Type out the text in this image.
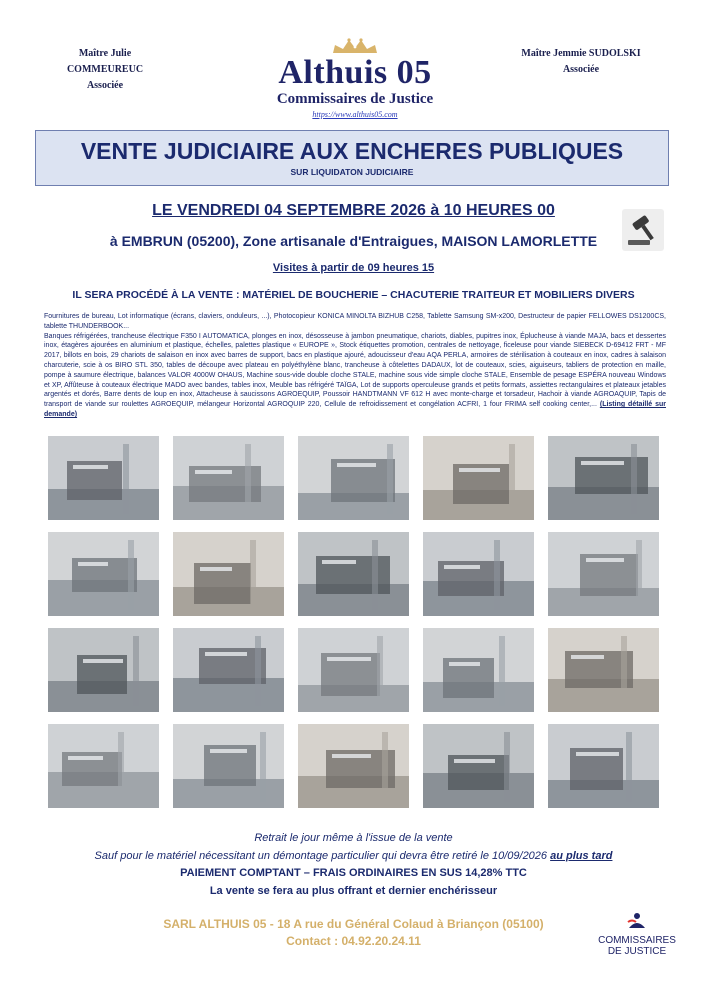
Maître Julie COMMEUREUC
Associée
Maître Jemmie SUDOLSKI
Associée
Althuis 05
Commissaires de Justice
https://www.althuis05.com
VENTE JUDICIAIRE AUX ENCHERES PUBLIQUES
SUR LIQUIDATON JUDICIAIRE
LE VENDREDI 04 SEPTEMBRE 2026 à 10 HEURES 00
à EMBRUN (05200), Zone artisanale d'Entraigues, MAISON LAMORLETTE
Visites à partir de 09 heures 15
IL SERA PROCÉDÉ À LA VENTE : MATÉRIEL DE BOUCHERIE – CHACUTERIE TRAITEUR ET MOBILIERS DIVERS

Fournitures de bureau, Lot informatique (écrans, claviers, onduleurs, ...), Photocopieur KONICA MINOLTA BIZHUB C258, Tablette Samsung SM-x200, Destructeur de papier FELLOWES DS1200CS, tablette THUNDERBOOK...

Banques réfrigérées, trancheuse électrique F350 I AUTOMATICA, plonges en inox, désosseuse à jambon pneumatique, chariots, diables, pupitres inox, Éplucheuse à viande MAJA, bacs et dessertes inox, étagères ajourées en aluminium et plastique, échelles, palettes plastique « EUROPE », Stock étiquettes promotion, centrales de nettoyage, ficeleuse pour viande SIEBECK D-69412 FRT - MF 2017, billots en bois, 29 chariots de salaison en inox avec barres de support, bacs en plastique ajouré, adoucisseur d'eau AQA PERLA, armoires de stérilisation à couteaux en inox, cadres à salaison charcuterie, scie à os BIRO STL 350, tables de découpe avec plateau en polyéthylène blanc, trancheuse à côtelettes DADAUX, lot de couteaux, scies, aiguiseurs, tabliers de protection en maille, pompe à saumure électrique, balances VALOR 4000W OHAUS, Machine sous-vide double cloche STALE, machine sous vide simple cloche STALE, Ensemble de pesage ESPÉRA nouveau Windows et XP, Affûteuse à couteaux électrique MADO avec bandes, tables inox, Meuble bas réfrigéré TAÏGA, Lot de supports operculeuse grands et petits formats, assiettes rectangulaires et plateaux jetables argentés et dorés, Barre dents de loup en inox, Attacheuse à saucissons AGROEQUIP, Poussoir HANDTMANN VF 612 H avec monte-charge et torsadeur, Hachoir à viande AGROAQUIP, Tapis de transport de viande sur roulettes AGROEQUIP, mélangeur Horizontal AGROQUIP 220, Cellule de refroidissement et congélation ACFRI, 1 four FRIMA self cooking center,... (Listing détaillé sur demande)

Retrait le jour même à l'issue de la vente
Sauf pour le matériel nécessitant un démontage particulier qui devra être retiré le 10/09/2026 au plus tard
PAIEMENT COMPTANT – FRAIS ORDINAIRES EN SUS 14,28% TTC
La vente se fera au plus offrant et dernier enchérisseur
SARL ALTHUIS 05 - 18 A rue du Général Colaud à Briançon (05100)
Contact : 04.92.20.24.11	COMMISSAIRES
DE JUSTICE
